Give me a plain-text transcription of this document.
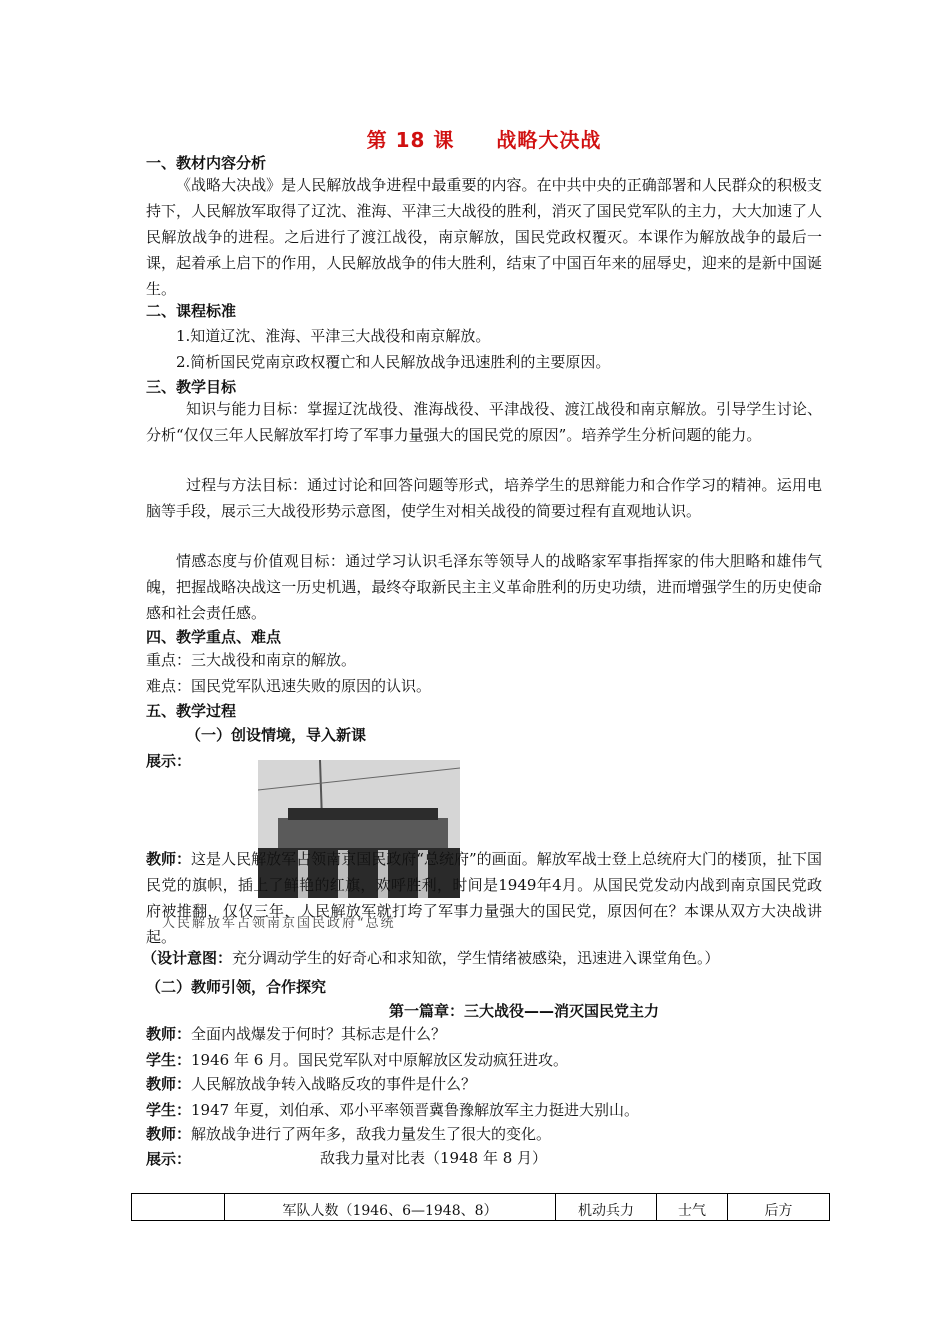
第 18 课　　战略大决战
一、教材内容分析
《战略大决战》是人民解放战争进程中最重要的内容。在中共中央的正确部署和人民群众的积极支持下，人民解放军取得了辽沈、淮海、平津三大战役的胜利，消灭了国民党军队的主力，大大加速了人民解放战争的进程。之后进行了渡江战役，南京解放，国民党政权覆灭。本课作为解放战争的最后一课，起着承上启下的作用，人民解放战争的伟大胜利，结束了中国百年来的屈辱史，迎来的是新中国诞生。
二、课程标准
1.知道辽沈、淮海、平津三大战役和南京解放。
2.简析国民党南京政权覆亡和人民解放战争迅速胜利的主要原因。
三、教学目标
知识与能力目标：掌握辽沈战役、淮海战役、平津战役、渡江战役和南京解放。引导学生讨论、分析“仅仅三年人民解放军打垮了军事力量强大的国民党的原因”。培养学生分析问题的能力。
过程与方法目标：通过讨论和回答问题等形式，培养学生的思辩能力和合作学习的精神。运用电脑等手段，展示三大战役形势示意图，使学生对相关战役的简要过程有直观地认识。
情感态度与价值观目标：通过学习认识毛泽东等领导人的战略家军事指挥家的伟大胆略和雄伟气魄，把握战略决战这一历史机遇，最终夺取新民主主义革命胜利的历史功绩，进而增强学生的历史使命感和社会责任感。
四、教学重点、难点
重点：三大战役和南京的解放。
难点：国民党军队迅速失败的原因的认识。
五、教学过程
（一）创设情境，导入新课
展示：
教师：这是人民解放军占领南京国民政府“总统府”的画面。解放军战士登上总统府大门的楼顶，扯下国民党的旗帜，插上了鲜艳的红旗，欢呼胜利，时间是1949年4月。从国民党发动内战到南京国民党政府被推翻，仅仅三年，人民解放军就打垮了军事力量强大的国民党，原因何在？本课从双方大决战讲起。
人民解放军占领南京国民政府“总统
（设计意图：充分调动学生的好奇心和求知欲，学生情绪被感染，迅速进入课堂角色。）
（二）教师引领，合作探究
第一篇章：三大战役——消灭国民党主力
教师：全面内战爆发于何时？其标志是什么？
学生：1946 年 6 月。国民党军队对中原解放区发动疯狂进攻。
教师：人民解放战争转入战略反攻的事件是什么？
学生：1947 年夏，刘伯承、邓小平率领晋冀鲁豫解放军主力挺进大别山。
教师：解放战争进行了两年多，敌我力量发生了很大的变化。
展示：	敌我力量对比表（1948 年 8 月）
	军队人数（1946、6—1948、8）	机动兵力	士气	后方
